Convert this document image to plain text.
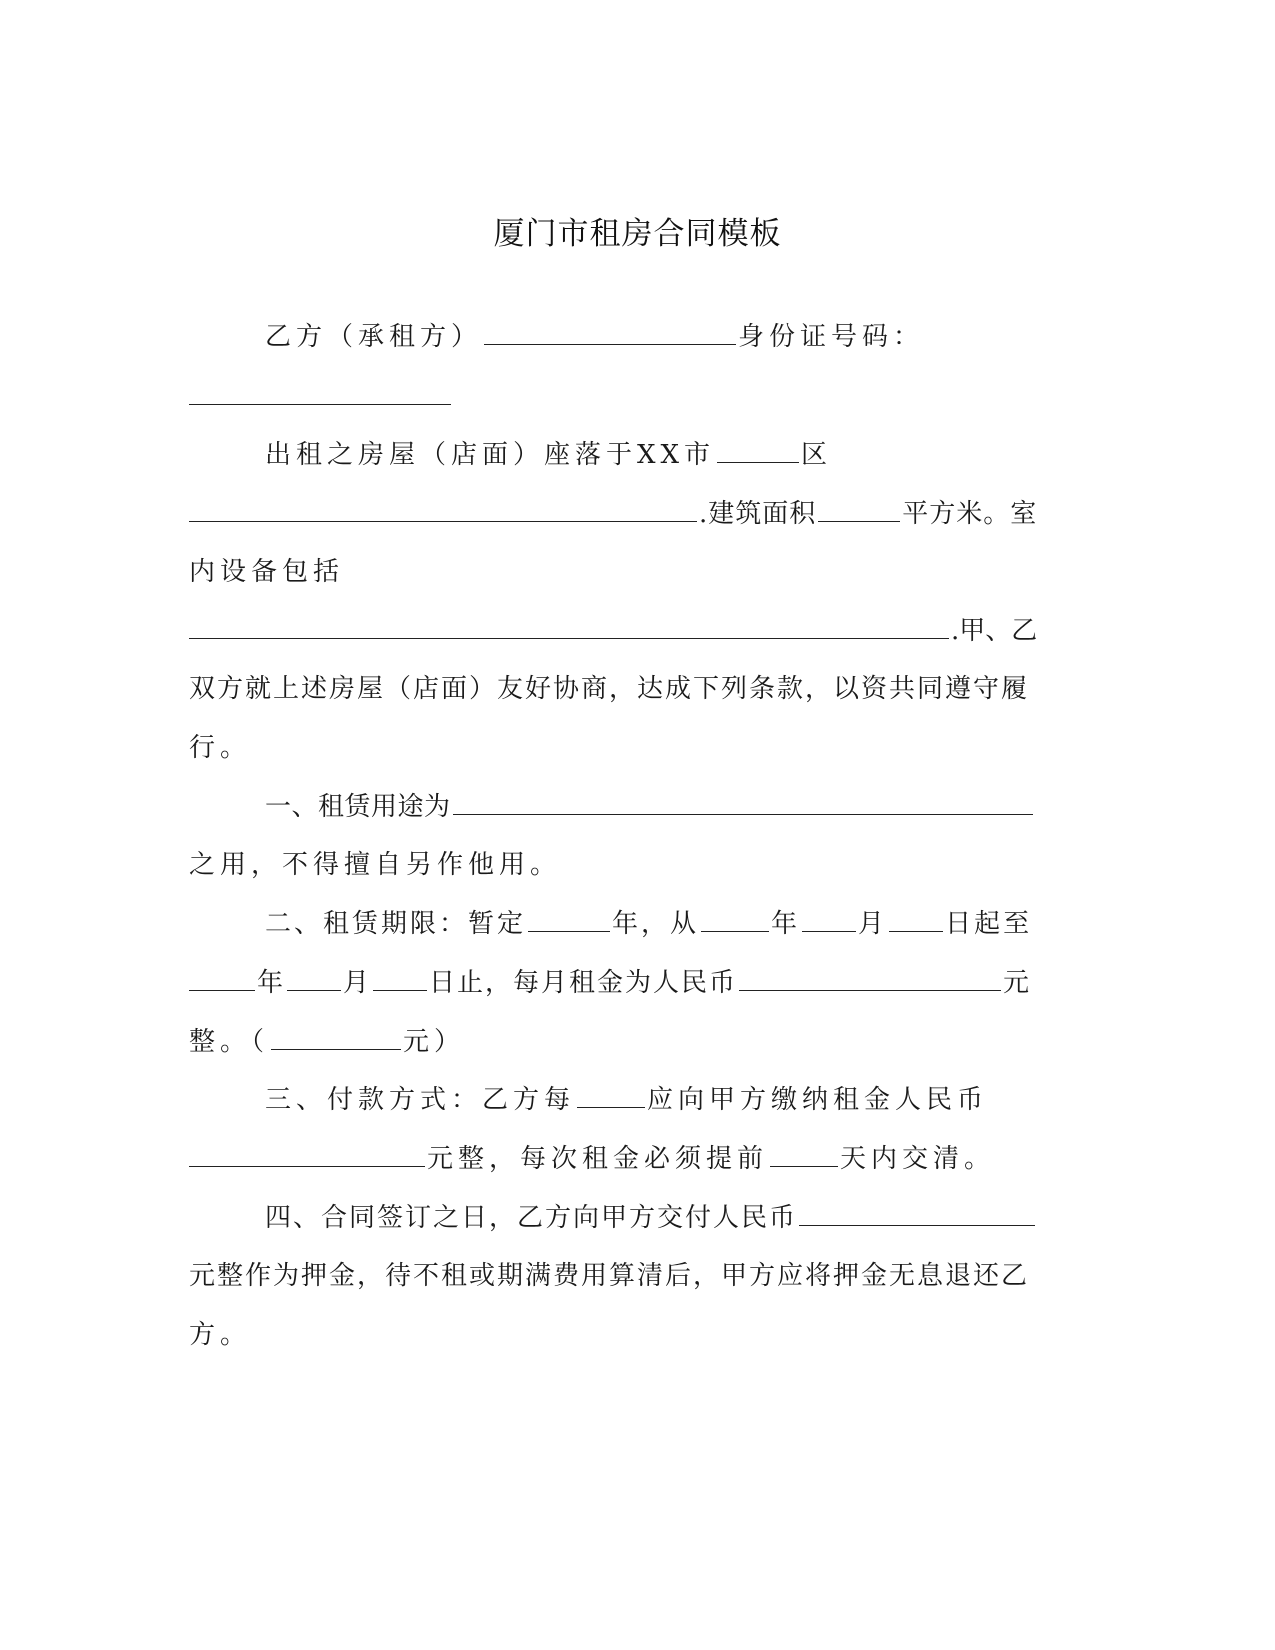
厦门市租房合同模板
乙方（承租方）	身份证号码：
出租之房屋（店面）座落于XX市	区
.建筑面积	平方米。室
内设备包括
.甲、乙
双方就上述房屋（店面）友好协商，达成下列条款，以资共同遵守履
行。
一、租赁用途为
之用，不得擅自另作他用。
二、租赁期限：暂定	年，从	年 月 日起至
年 月 日止，每月租金为人民币	元
整。（	元）
三、付款方式：乙方每	应向甲方缴纳租金人民币
元整，每次租金必须提前	天内交清。
四、合同签订之日，乙方向甲方交付人民币
元整作为押金，待不租或期满费用算清后，甲方应将押金无息退还乙
方。
